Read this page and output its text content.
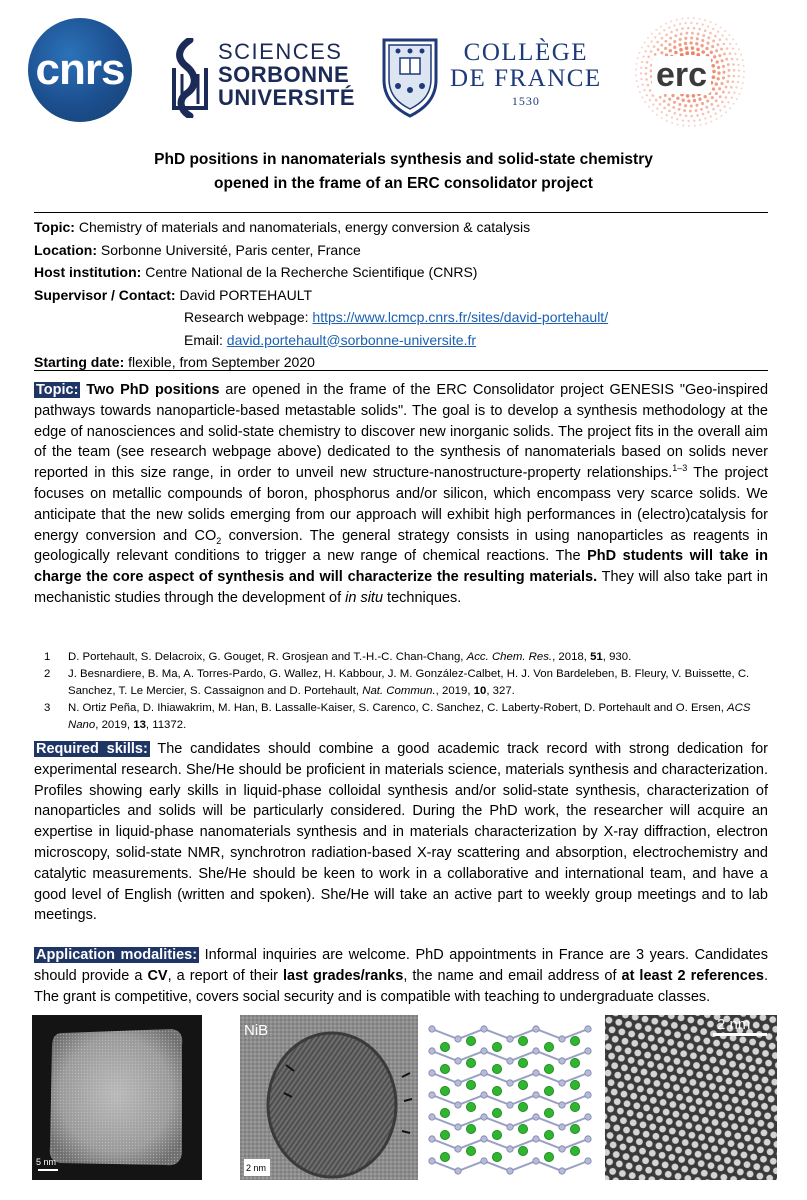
cnrs	SCIENCES
SORBONNE
UNIVERSITÉ
COLLÈGE
DE FRANCE
1530
erc
PhD positions in nanomaterials synthesis and solid-state chemistry
opened in the frame of an ERC consolidator project
Topic: Chemistry of materials and nanomaterials, energy conversion & catalysis
Location: Sorbonne Université, Paris center, France
Host institution: Centre National de la Recherche Scientifique (CNRS)
Supervisor / Contact: David PORTEHAULT
Research webpage: https://www.lcmcp.cnrs.fr/sites/david-portehault/
Email: david.portehault@sorbonne-universite.fr
Starting date: flexible, from September 2020
Topic: Two PhD positions are opened in the frame of the ERC Consolidator project GENESIS "Geo-inspired pathways towards nanoparticle-based metastable solids". The goal is to develop a synthesis methodology at the edge of nanosciences and solid-state chemistry to discover new inorganic solids. The project fits in the overall aim of the team (see research webpage above) dedicated to the synthesis of nanomaterials based on solids never reported in this size range, in order to unveil new structure-nanostructure-property relationships.$^{1-3}$ The project focuses on metallic compounds of boron, phosphorus and/or silicon, which encompass very scarce solids. We anticipate that the new solids emerging from our approach will exhibit high performances in (electro)catalysis for energy conversion and $CO_2$ conversion. The general strategy consists in using nanoparticles as reagents in geologically relevant conditions to trigger a new range of chemical reactions. The PhD students will take in charge the core aspect of synthesis and will characterize the resulting materials. They will also take part in mechanistic studies through the development of in situ techniques.
1	D. Portehault, S. Delacroix, G. Gouget, R. Grosjean and T.-H.-C. Chan-Chang, Acc. Chem. Res., 2018, 51, 930.
2	J. Besnardiere, B. Ma, A. Torres-Pardo, G. Wallez, H. Kabbour, J. M. González-Calbet, H. J. Von Bardeleben, B. Fleury, V. Buissette, C. Sanchez, T. Le Mercier, S. Cassaignon and D. Portehault, Nat. Commun., 2019, 10, 327.
3	N. Ortiz Peña, D. Ihiawakrim, M. Han, B. Lassalle-Kaiser, S. Carenco, C. Sanchez, C. Laberty-Robert, D. Portehault and O. Ersen, ACS Nano, 2019, 13, 11372.
Required skills: The candidates should combine a good academic track record with strong dedication for experimental research. She/He should be proficient in materials science, materials synthesis and characterization. Profiles showing early skills in liquid-phase colloidal synthesis and/or solid-state synthesis, characterization of nanoparticles and solids will be particularly considered. During the PhD work, the researcher will acquire an expertise in liquid-phase nanomaterials synthesis and in materials characterization by X-ray diffraction, electron microscopy, solid-state NMR, synchrotron radiation-based X-ray scattering and absorption, electrochemistry and catalytic measurements. She/He should be keen to work in a collaborative and international team, and have a good level of English (written and spoken). She/He will take an active part to weekly group meetings and to lab meetings.
Application modalities: Informal inquiries are welcome. PhD appointments in France are 3 years. Candidates should provide a CV, a report of their last grades/ranks, the name and email address of at least 2 references. The grant is competitive, covers social security and is compatible with teaching to undergraduate classes.
5 nm
NiB
2 nm
2 nm
